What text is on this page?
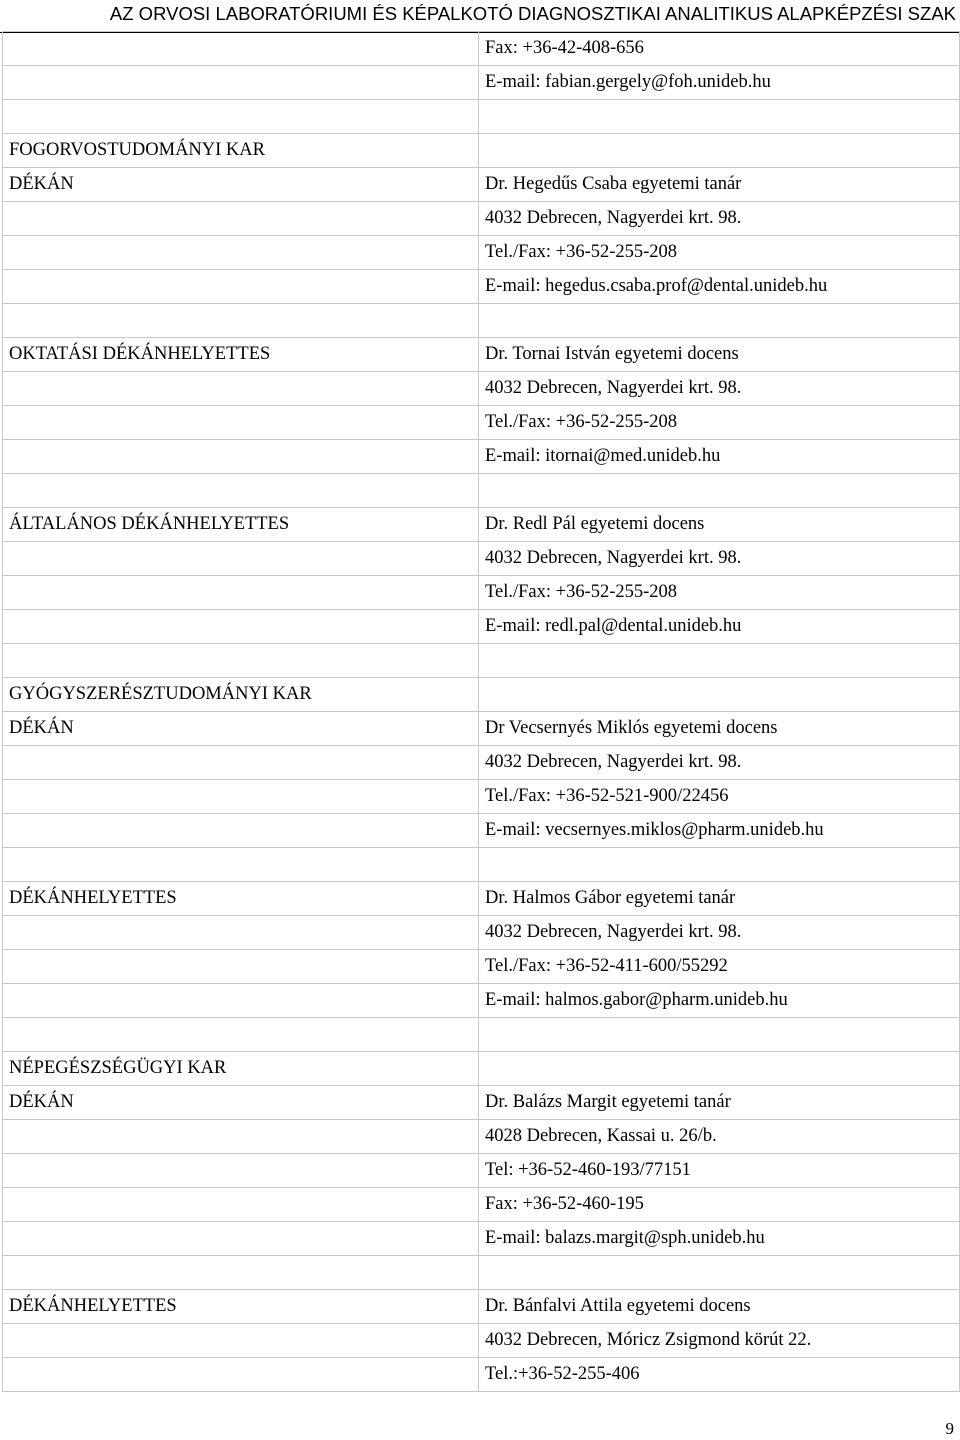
AZ ORVOSI LABORATÓRIUMI ÉS KÉPALKOTÓ DIAGNOSZTIKAI ANALITIKUS ALAPKÉPZÉSI SZAK
	Fax: +36-42-408-656
	E-mail: fabian.gergely@foh.unideb.hu

FOGORVOSTUDOMÁNYI KAR	
DÉKÁN	Dr. Hegedűs Csaba egyetemi tanár
	4032 Debrecen, Nagyerdei krt. 98.
	Tel./Fax: +36-52-255-208
	E-mail: hegedus.csaba.prof@dental.unideb.hu

OKTATÁSI DÉKÁNHELYETTES	Dr. Tornai István egyetemi docens
	4032 Debrecen, Nagyerdei krt. 98.
	Tel./Fax: +36-52-255-208
	E-mail: itornai@med.unideb.hu

ÁLTALÁNOS DÉKÁNHELYETTES	Dr. Redl Pál egyetemi docens
	4032 Debrecen, Nagyerdei krt. 98.
	Tel./Fax: +36-52-255-208
	E-mail: redl.pal@dental.unideb.hu

GYÓGYSZERÉSZTUDOMÁNYI KAR	
DÉKÁN	Dr Vecsernyés Miklós egyetemi docens
	4032 Debrecen, Nagyerdei krt. 98.
	Tel./Fax: +36-52-521-900/22456
	E-mail: vecsernyes.miklos@pharm.unideb.hu

DÉKÁNHELYETTES	Dr. Halmos Gábor egyetemi tanár
	4032 Debrecen, Nagyerdei krt. 98.
	Tel./Fax: +36-52-411-600/55292
	E-mail: halmos.gabor@pharm.unideb.hu

NÉPEGÉSZSÉGÜGYI KAR	
DÉKÁN	Dr. Balázs Margit egyetemi tanár
	4028 Debrecen, Kassai u. 26/b.
	Tel: +36-52-460-193/77151
	Fax: +36-52-460-195
	E-mail: balazs.margit@sph.unideb.hu

DÉKÁNHELYETTES	Dr. Bánfalvi Attila egyetemi docens
	4032 Debrecen, Móricz Zsigmond körút 22.
	Tel.:+36-52-255-406
9
